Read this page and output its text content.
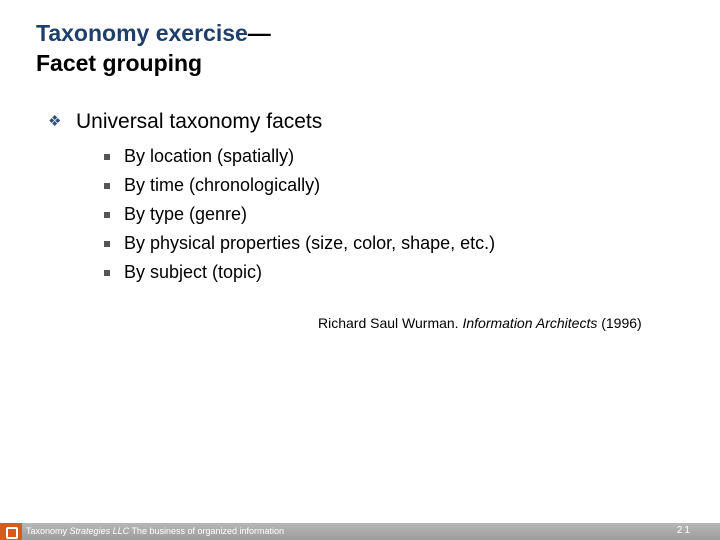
Taxonomy exercise—
Facet grouping
❖ Universal taxonomy facets
By location (spatially)
By time (chronologically)
By type (genre)
By physical properties (size, color, shape, etc.)
By subject (topic)
Richard Saul Wurman. Information Architects (1996)
Taxonomy Strategies LLC The business of organized information	21
